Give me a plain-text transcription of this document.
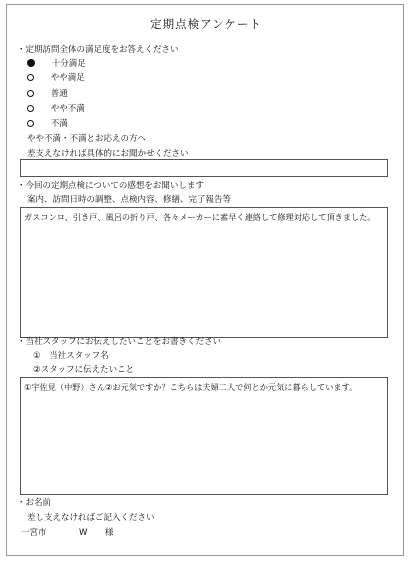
定期点検アンケート
・定期訪問全体の満足度をお答えください
十分満足
やや満足
普通
やや不満
不満
やや不満・不満とお応えの方へ
差支えなければ具体的にお聞かせください
・今回の定期点検についての感想をお聞いします
案内、訪問日時の調整、点検内容、修繕、完了報告等
ガスコンロ、引き戸、風呂の折り戸、各々メーカーに素早く連絡して修理対応して頂きました。
・当社スタッフにお伝えしたいことをお書きください
①　当社スタッフ名
②スタッフに伝えたいこと
①宇佐見（中野）さん②お元気ですか？こちらは夫婦二人で何とか元気に暮らしています。
・お名前
差し支えなければご記入ください
一宮市	W 様
